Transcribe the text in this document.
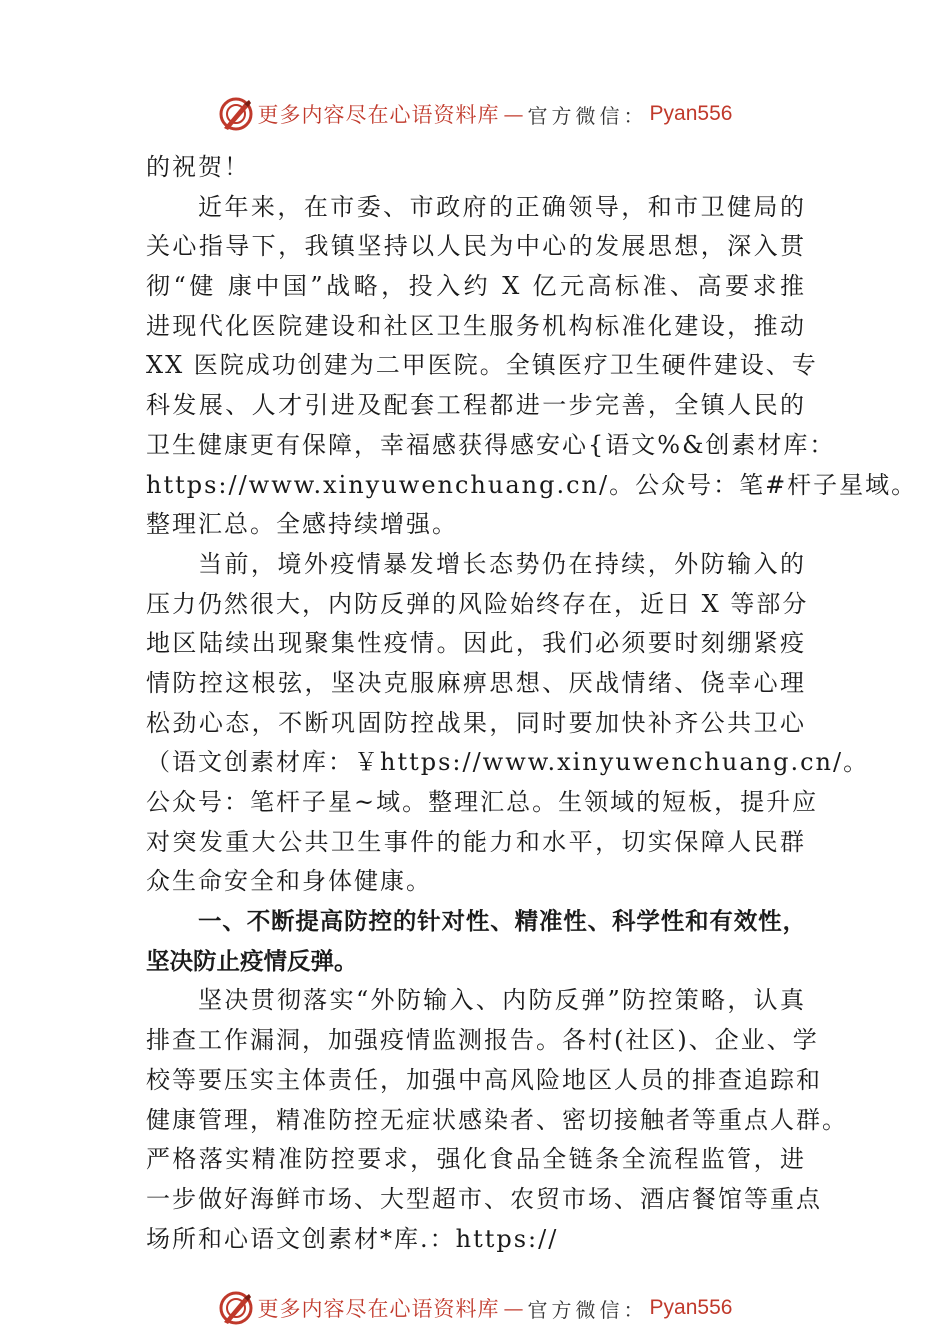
更多内容尽在心语资料库 — 官方微信： Pyan556
的祝贺！
近年来，在市委、市政府的正确领导，和市卫健局的
关心指导下，我镇坚持以人民为中心的发展思想，深入贯
彻“健 康中国”战略，投入约 X 亿元高标准、高要求推
进现代化医院建设和社区卫生服务机构标准化建设，推动
XX 医院成功创建为二甲医院。全镇医疗卫生硬件建设、专
科发展、人才引进及配套工程都进一步完善，全镇人民的
卫生健康更有保障，幸福感获得感安心{语文%&创素材库：
https://www.xinyuwenchuang.cn/。公众号：笔#杆子星域。
整理汇总。全感持续增强。
当前，境外疫情暴发增长态势仍在持续，外防输入的
压力仍然很大，内防反弹的风险始终存在，近日 X 等部分
地区陆续出现聚集性疫情。因此，我们必须要时刻绷紧疫
情防控这根弦，坚决克服麻痹思想、厌战情绪、侥幸心理
松劲心态，不断巩固防控战果，同时要加快补齐公共卫心
（语文创素材库：￥https://www.xinyuwenchuang.cn/。
公众号：笔杆子星~域。整理汇总。生领域的短板，提升应
对突发重大公共卫生事件的能力和水平，切实保障人民群
众生命安全和身体健康。
一、不断提高防控的针对性、精准性、科学性和有效性，
坚决防止疫情反弹。
坚决贯彻落实“外防输入、内防反弹”防控策略，认真
排查工作漏洞，加强疫情监测报告。各村(社区)、企业、学
校等要压实主体责任，加强中高风险地区人员的排查追踪和
健康管理，精准防控无症状感染者、密切接触者等重点人群。
严格落实精准防控要求，强化食品全链条全流程监管，进
一步做好海鲜市场、大型超市、农贸市场、酒店餐馆等重点
场所和心语文创素材*库.：https://
更多内容尽在心语资料库 — 官方微信： Pyan556
